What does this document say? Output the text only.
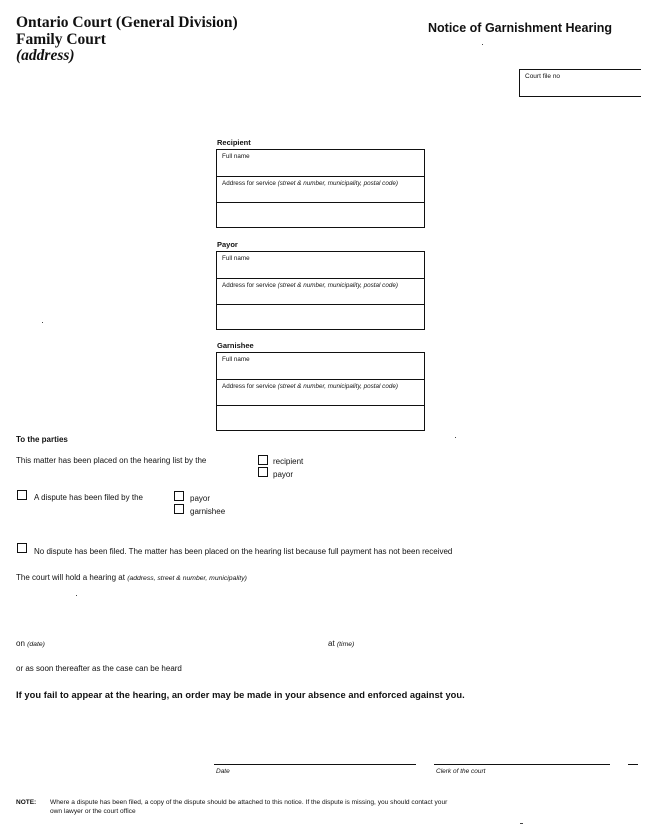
Ontario Court (General Division)
Family Court
(address)
Notice of Garnishment Hearing
Court file no
Recipient
Full name
Address for service (street & number, municipality, postal code)
Payor
Full name
Address for service (street & number, municipality, postal code)
Garnishee
Full name
Address for service (street & number, municipality, postal code)
To the parties
This matter has been placed on the hearing list by the	recipient
payor
A dispute has been filed by the	payor
garnishee
No dispute has been filed. The matter has been placed on the hearing list because full payment has not been received
The court will hold a hearing at (address, street & number, municipality)
on (date)	at (time)
or as soon thereafter as the case can be heard
If you fail to appear at the hearing, an order may be made in your absence and enforced against you.
Date	Clerk of the court
NOTE: Where a dispute has been filed, a copy of the dispute should be attached to this notice. If the dispute is missing, you should contact your
own lawyer or the court office
